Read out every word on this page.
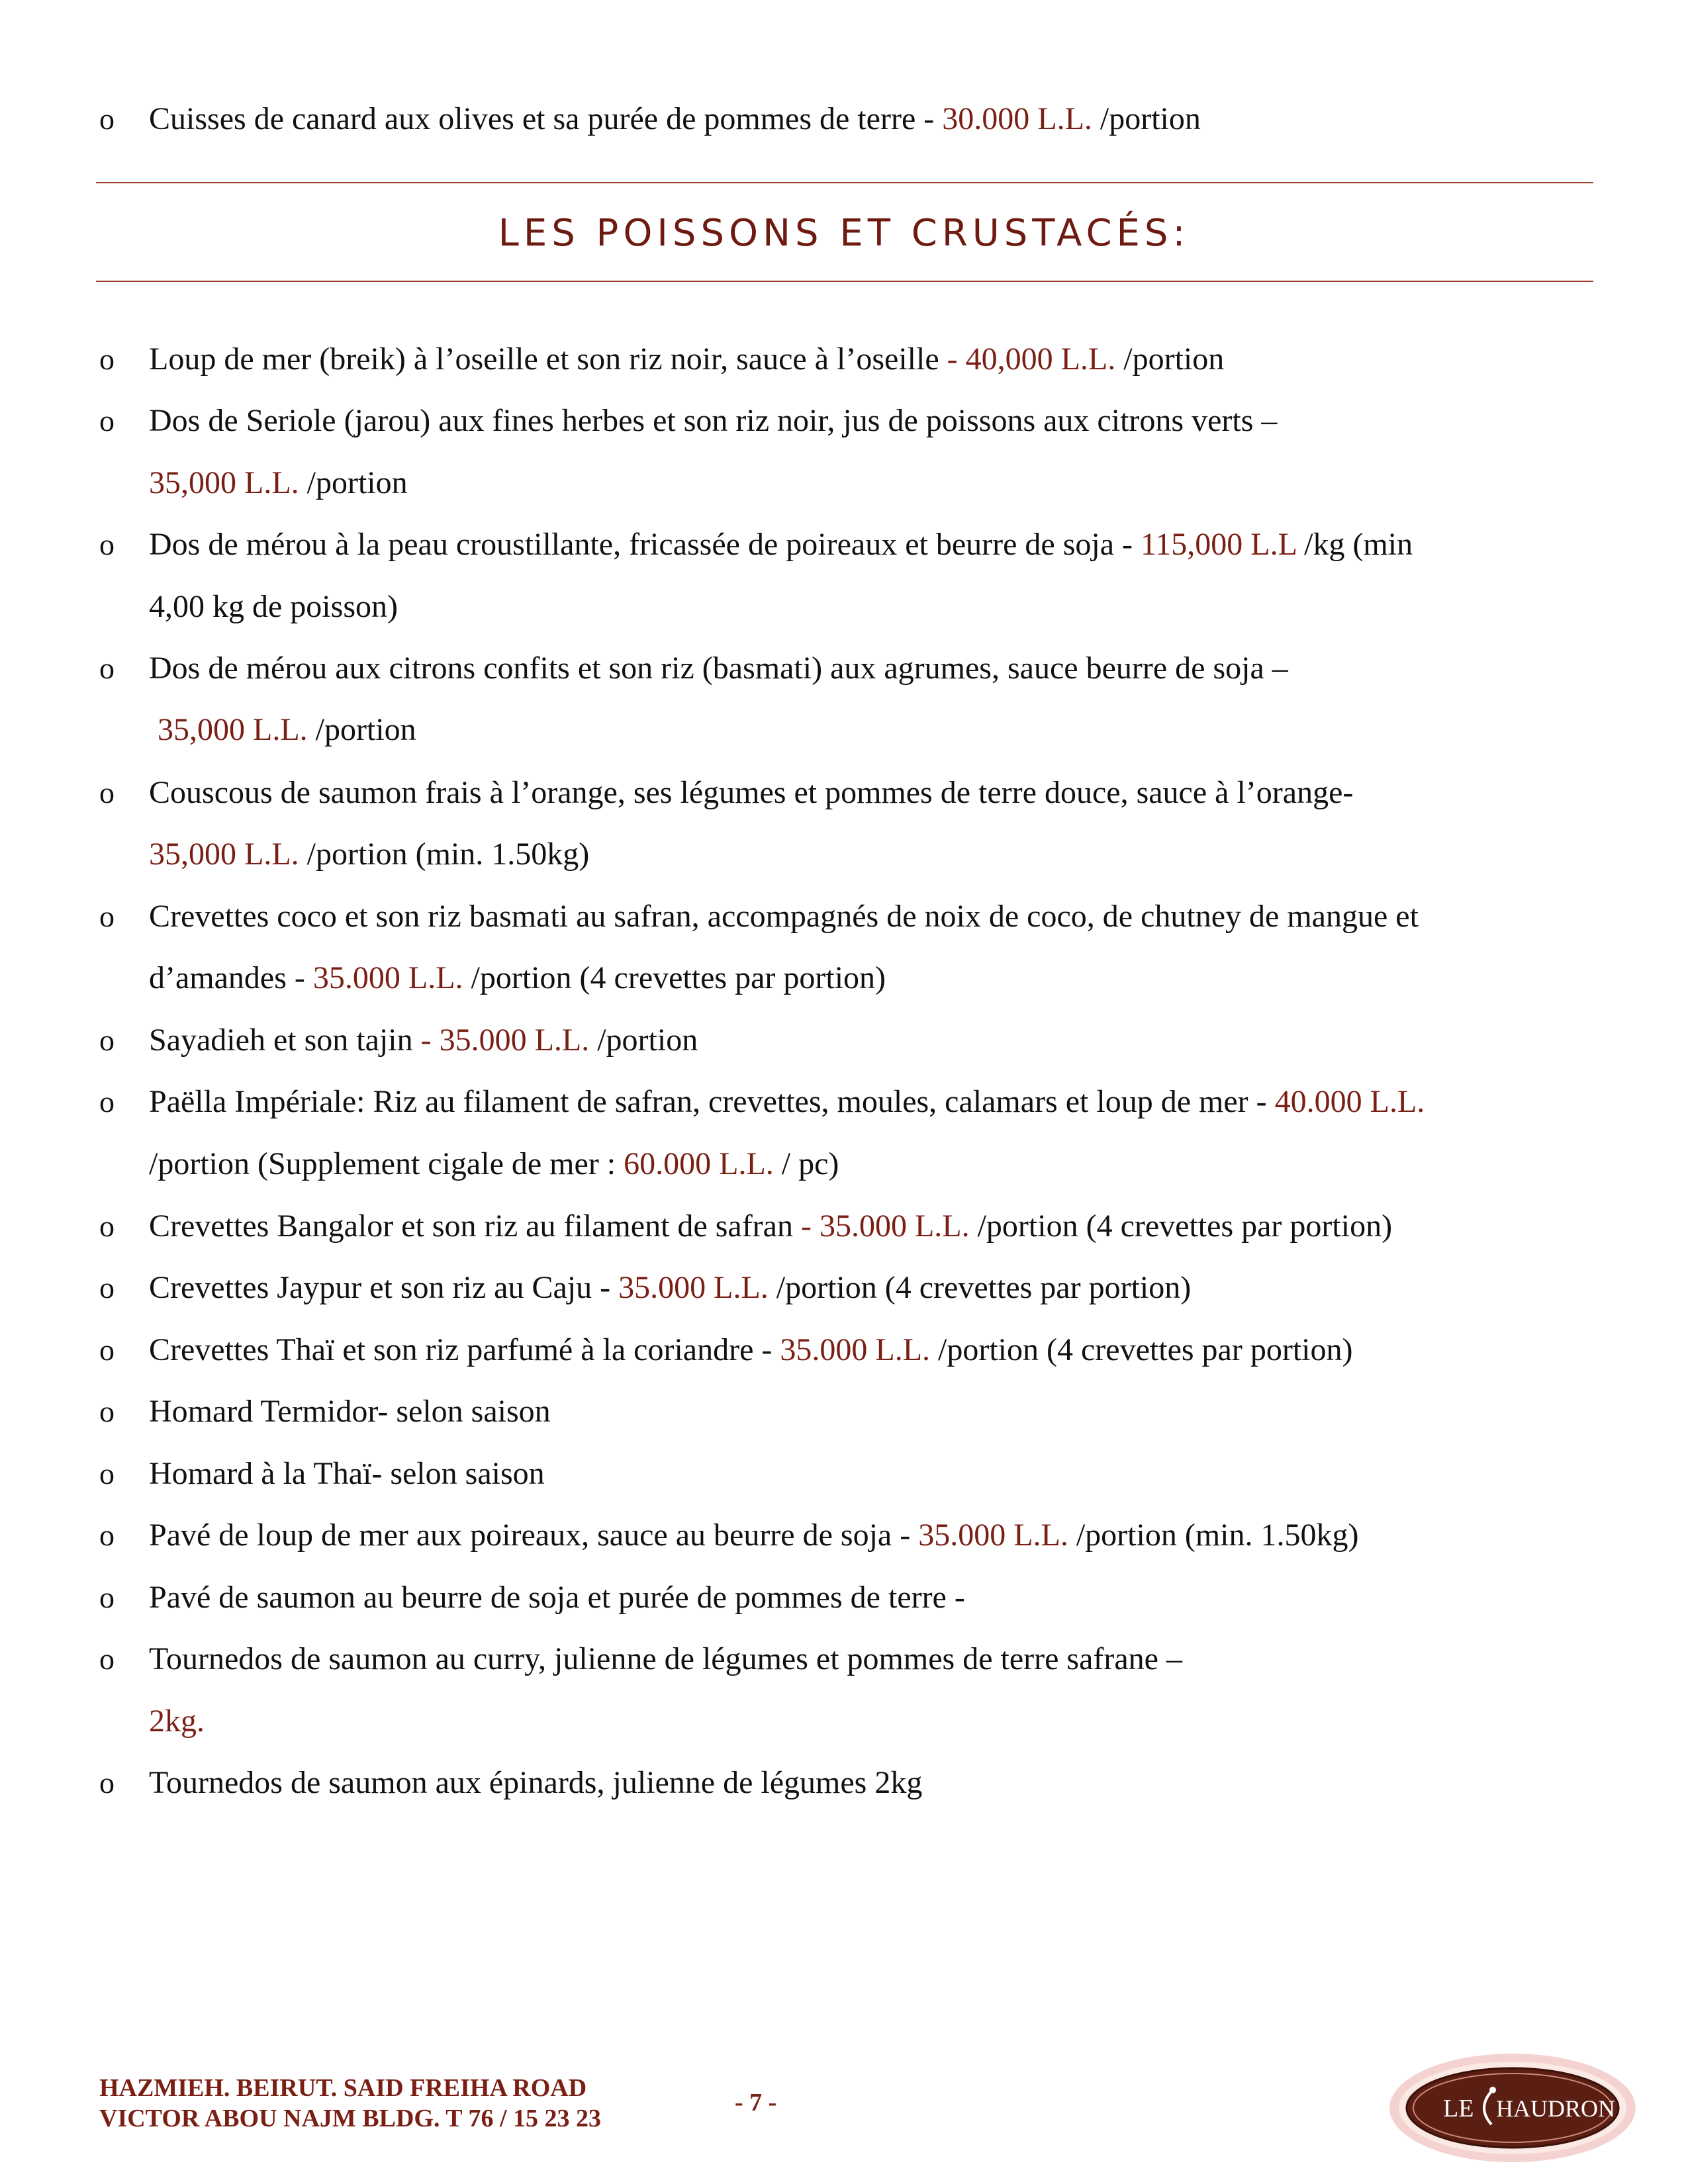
o Cuisses de canard aux olives et sa purée de pommes de terre - 30.000 L.L. /portion
LES POISSONS ET CRUSTACÉS:
o Loup de mer (breik) à l’oseille et son riz noir, sauce à l’oseille - 40,000 L.L. /portion
o Dos de Seriole (jarou) aux fines herbes et son riz noir, jus de poissons aux citrons verts –
35,000 L.L. /portion
o Dos de mérou à la peau croustillante, fricassée de poireaux et beurre de soja - 115,000 L.L /kg (min
4,00 kg de poisson)
o Dos de mérou aux citrons confits et son riz (basmati) aux agrumes, sauce beurre de soja –
35,000 L.L. /portion
o Couscous de saumon frais à l’orange, ses légumes et pommes de terre douce, sauce à l’orange-
35,000 L.L. /portion (min. 1.50kg)
o Crevettes coco et son riz basmati au safran, accompagnés de noix de coco, de chutney de mangue et
d’amandes - 35.000 L.L. /portion (4 crevettes par portion)
o Sayadieh et son tajin - 35.000 L.L. /portion
o Paëlla Impériale: Riz au filament de safran, crevettes, moules, calamars et loup de mer - 40.000 L.L.
/portion (Supplement cigale de mer : 60.000 L.L. / pc)
o Crevettes Bangalor et son riz au filament de safran - 35.000 L.L. /portion (4 crevettes par portion)
o Crevettes Jaypur et son riz au Caju - 35.000 L.L. /portion (4 crevettes par portion)
o Crevettes Thaï et son riz parfumé à la coriandre - 35.000 L.L. /portion (4 crevettes par portion)
o Homard Termidor- selon saison
o Homard à la Thaï- selon saison
o Pavé de loup de mer aux poireaux, sauce au beurre de soja - 35.000 L.L. /portion (min. 1.50kg)
o Pavé de saumon au beurre de soja et purée de pommes de terre -
o Tournedos de saumon au curry, julienne de légumes et pommes de terre safrane –
2kg.
o Tournedos de saumon aux épinards, julienne de légumes 2kg
HAZMIEH. BEIRUT. SAID FREIHA ROAD
VICTOR ABOU NAJM BLDG. T 76 / 15 23 23
- 7 -	LE HAUDRON
